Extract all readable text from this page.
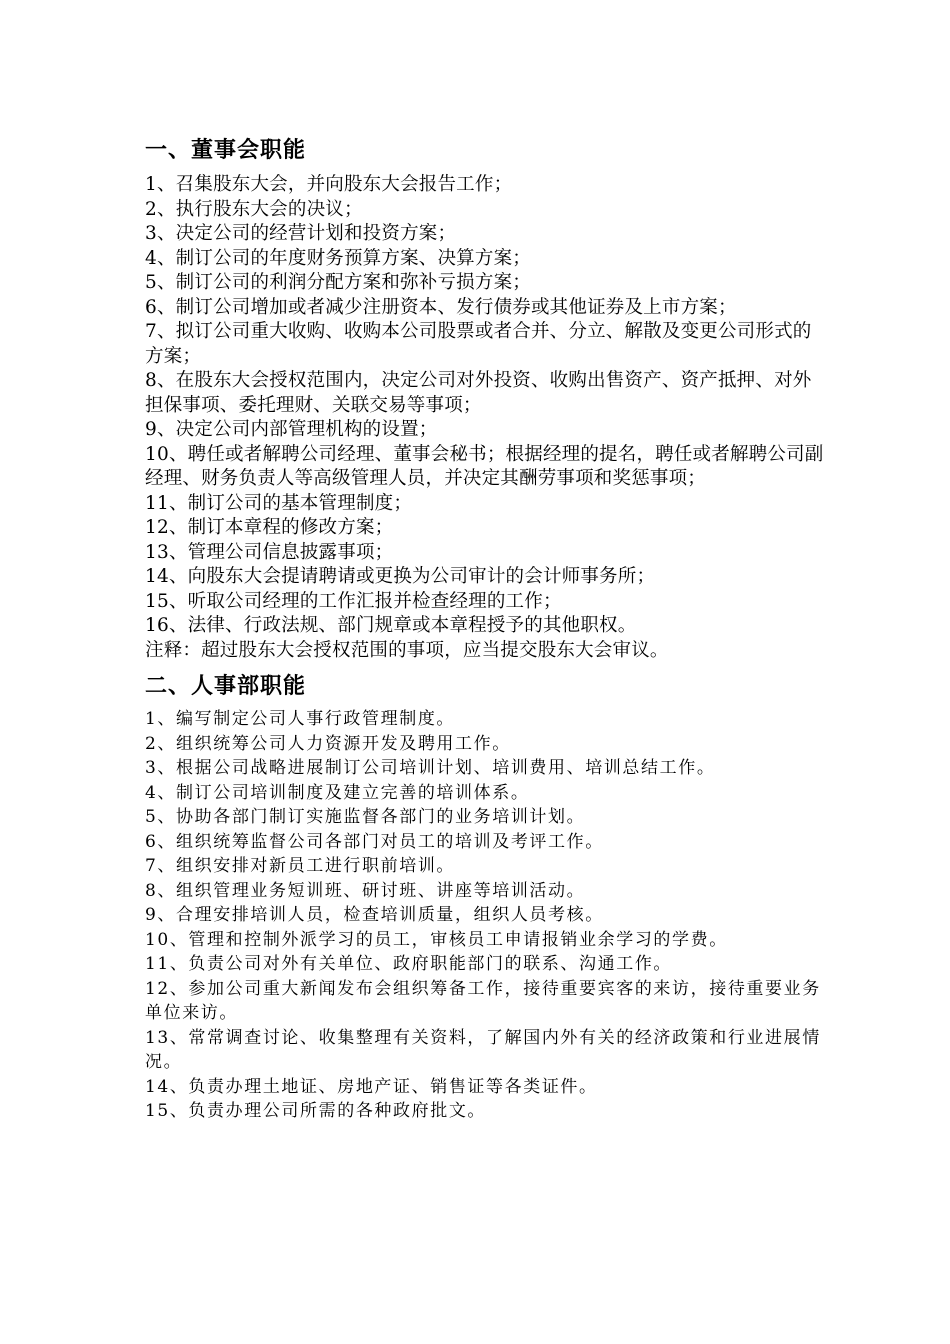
一、董事会职能

1、召集股东大会，并向股东大会报告工作；

2、执行股东大会的决议；

3、决定公司的经营计划和投资方案；

4、制订公司的年度财务预算方案、决算方案；

5、制订公司的利润分配方案和弥补亏损方案；

6、制订公司增加或者减少注册资本、发行债券或其他证券及上市方案；

7、拟订公司重大收购、收购本公司股票或者合并、分立、解散及变更公司形式的方案；

8、在股东大会授权范围内，决定公司对外投资、收购出售资产、资产抵押、对外担保事项、委托理财、关联交易等事项；

9、决定公司内部管理机构的设置；

10、聘任或者解聘公司经理、董事会秘书；根据经理的提名，聘任或者解聘公司副经理、财务负责人等高级管理人员，并决定其酬劳事项和奖惩事项；

11、制订公司的基本管理制度；

12、制订本章程的修改方案；

13、管理公司信息披露事项；

14、向股东大会提请聘请或更换为公司审计的会计师事务所；

15、听取公司经理的工作汇报并检查经理的工作；

16、法律、行政法规、部门规章或本章程授予的其他职权。

注释：超过股东大会授权范围的事项，应当提交股东大会审议。

二、人事部职能

1、编写制定公司人事行政管理制度。

2、组织统筹公司人力资源开发及聘用工作。

3、根据公司战略进展制订公司培训计划、培训费用、培训总结工作。

4、制订公司培训制度及建立完善的培训体系。

5、协助各部门制订实施监督各部门的业务培训计划。

6、组织统筹监督公司各部门对员工的培训及考评工作。

7、组织安排对新员工进行职前培训。

8、组织管理业务短训班、研讨班、讲座等培训活动。

9、合理安排培训人员，检查培训质量，组织人员考核。

10、管理和控制外派学习的员工，审核员工申请报销业余学习的学费。

11、负责公司对外有关单位、政府职能部门的联系、沟通工作。

12、参加公司重大新闻发布会组织筹备工作，接待重要宾客的来访，接待重要业务单位来访。

13、常常调查讨论、收集整理有关资料，了解国内外有关的经济政策和行业进展情况。

14、负责办理土地证、房地产证、销售证等各类证件。

15、负责办理公司所需的各种政府批文。
